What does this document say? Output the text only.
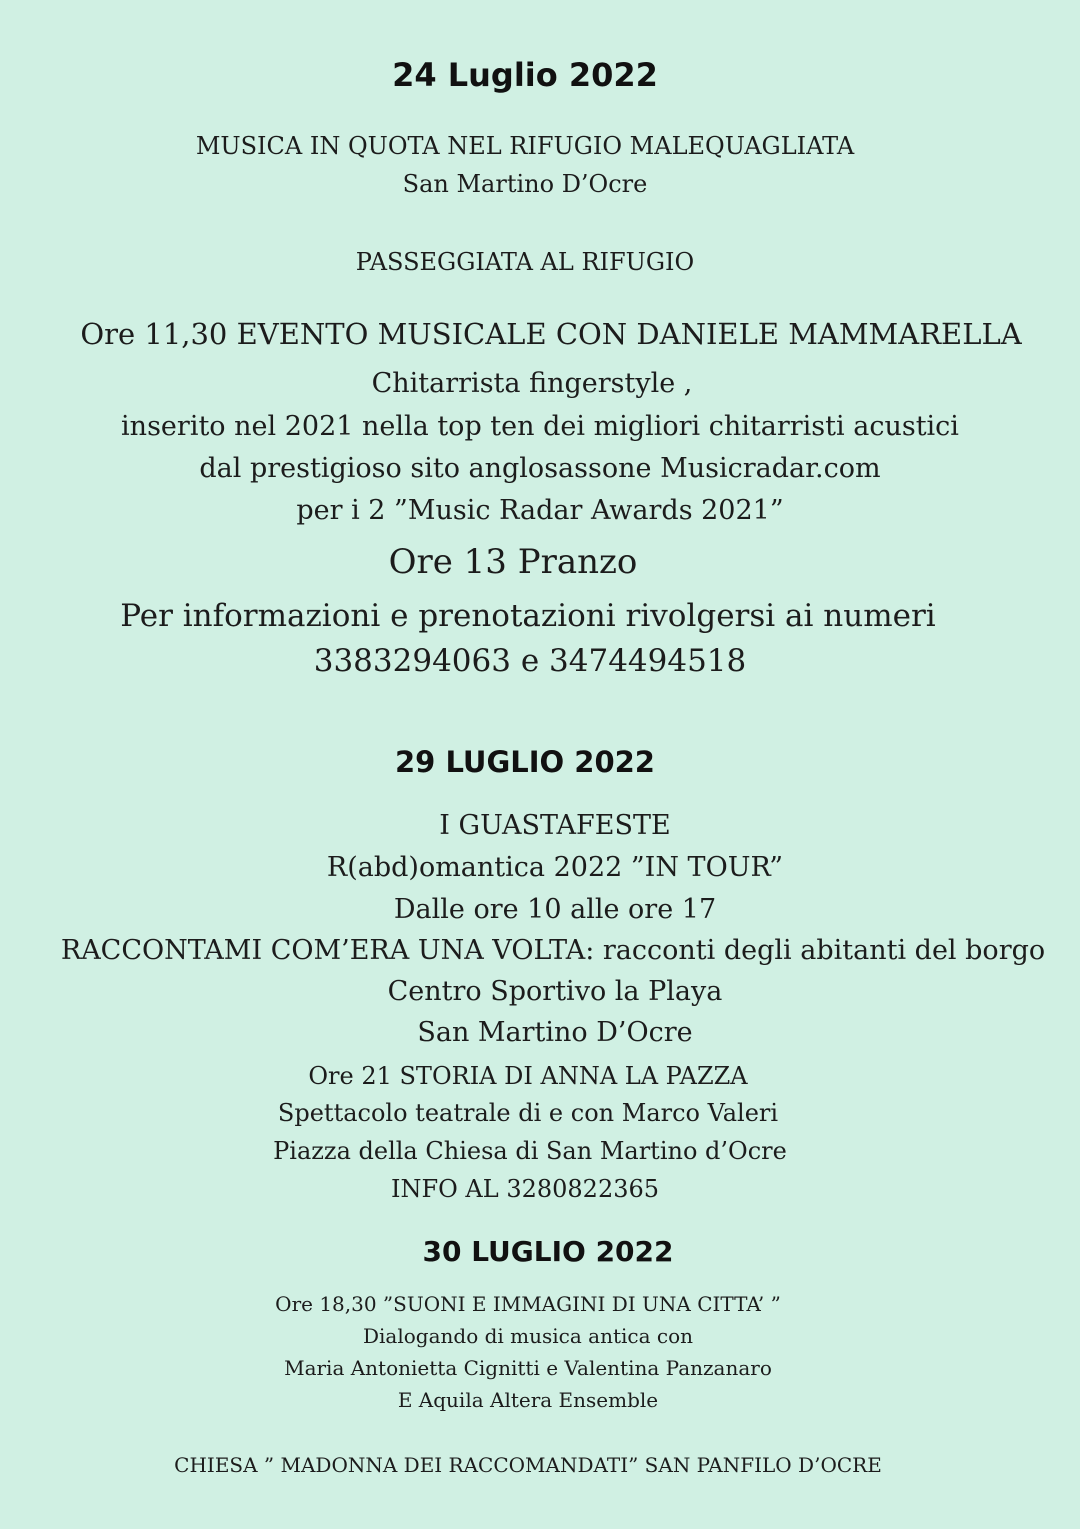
24 Luglio 2022
MUSICA IN QUOTA NEL RIFUGIO MALEQUAGLIATA
San Martino D’Ocre
PASSEGGIATA AL RIFUGIO
Ore 11,30 EVENTO MUSICALE CON DANIELE MAMMARELLA
Chitarrista fingerstyle ,
inserito nel 2021 nella top ten dei migliori chitarristi acustici
dal prestigioso sito anglosassone Musicradar.com
per i 2 ”Music Radar Awards 2021”
Ore 13 Pranzo
Per informazioni e prenotazioni rivolgersi ai numeri
3383294063 e 3474494518
29 LUGLIO 2022
I GUASTAFESTE
R(abd)omantica 2022 ”IN TOUR”
Dalle ore 10 alle ore 17
RACCONTAMI COM’ERA UNA VOLTA: racconti degli abitanti del borgo
Centro Sportivo la Playa
San Martino D’Ocre
Ore 21 STORIA DI ANNA LA PAZZA
Spettacolo teatrale di e con Marco Valeri
Piazza della Chiesa di San Martino d’Ocre
INFO AL 3280822365
30 LUGLIO 2022
Ore 18,30 ”SUONI E IMMAGINI DI UNA CITTA’ ”
Dialogando di musica antica con
Maria Antonietta Cignitti e Valentina Panzanaro
E Aquila Altera Ensemble
CHIESA ” MADONNA DEI RACCOMANDATI” SAN PANFILO D’OCRE
